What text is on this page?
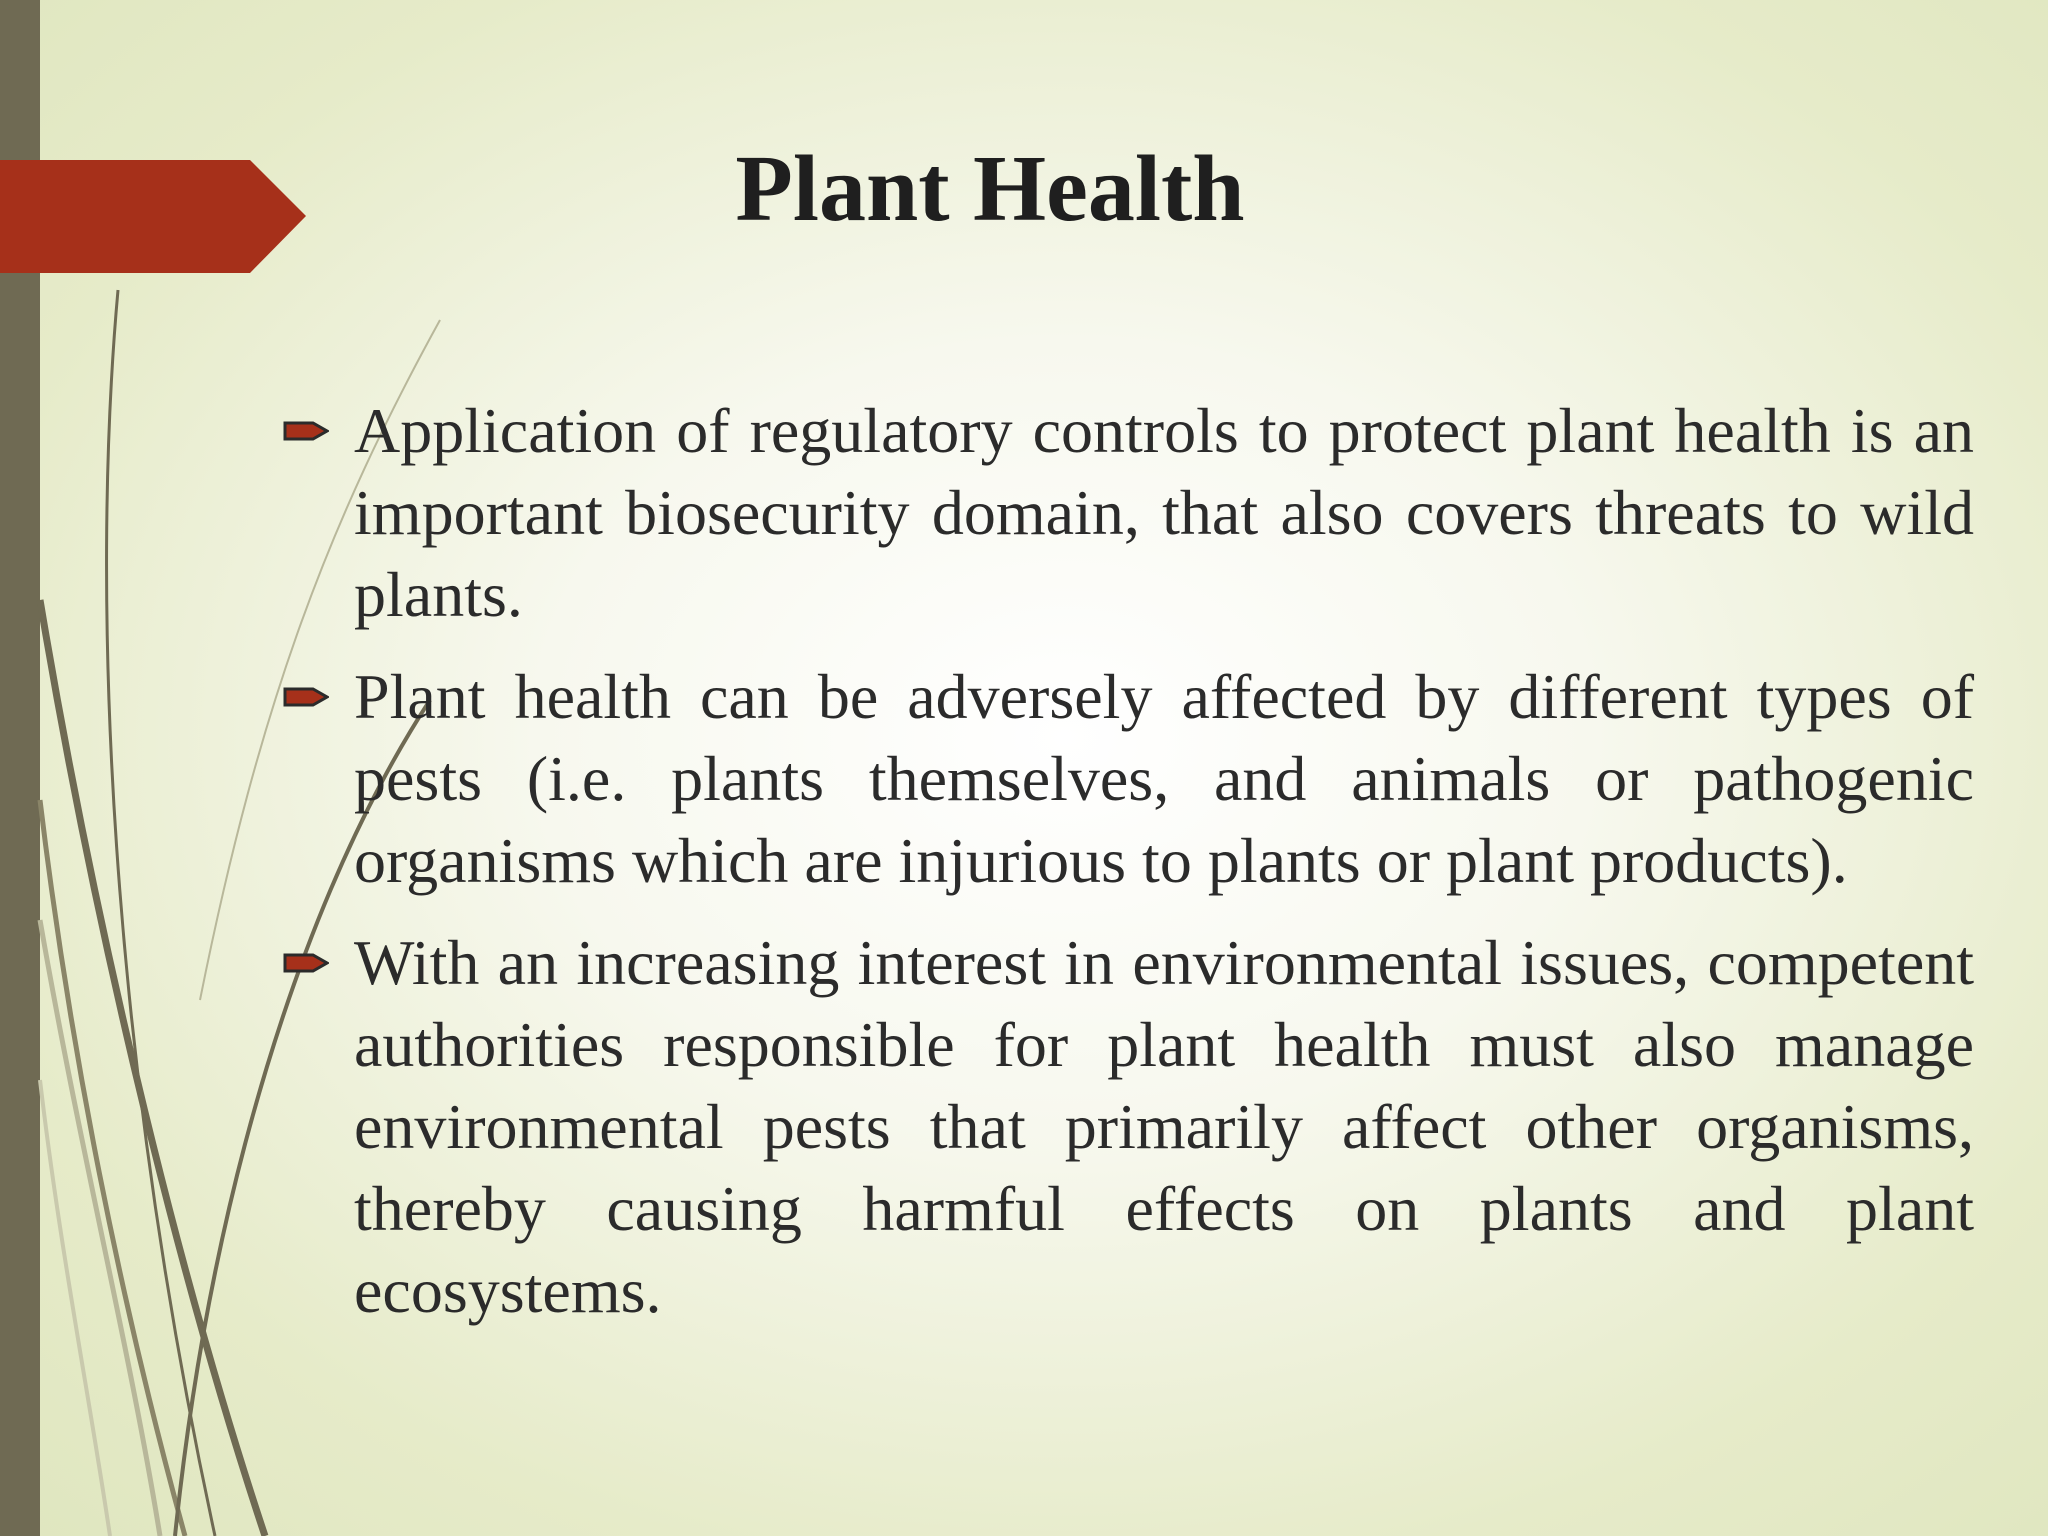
Plant Health
Application of regulatory controls to protect plant health is an important biosecurity domain, that also covers threats to wild plants.
Plant health can be adversely affected by different types of pests (i.e. plants themselves, and animals or pathogenic organisms which are injurious to plants or plant products).
With an increasing interest in environmental issues, competent authorities responsible for plant health must also manage environmental pests that primarily affect other organisms, thereby causing harmful effects on plants and plant ecosystems.
